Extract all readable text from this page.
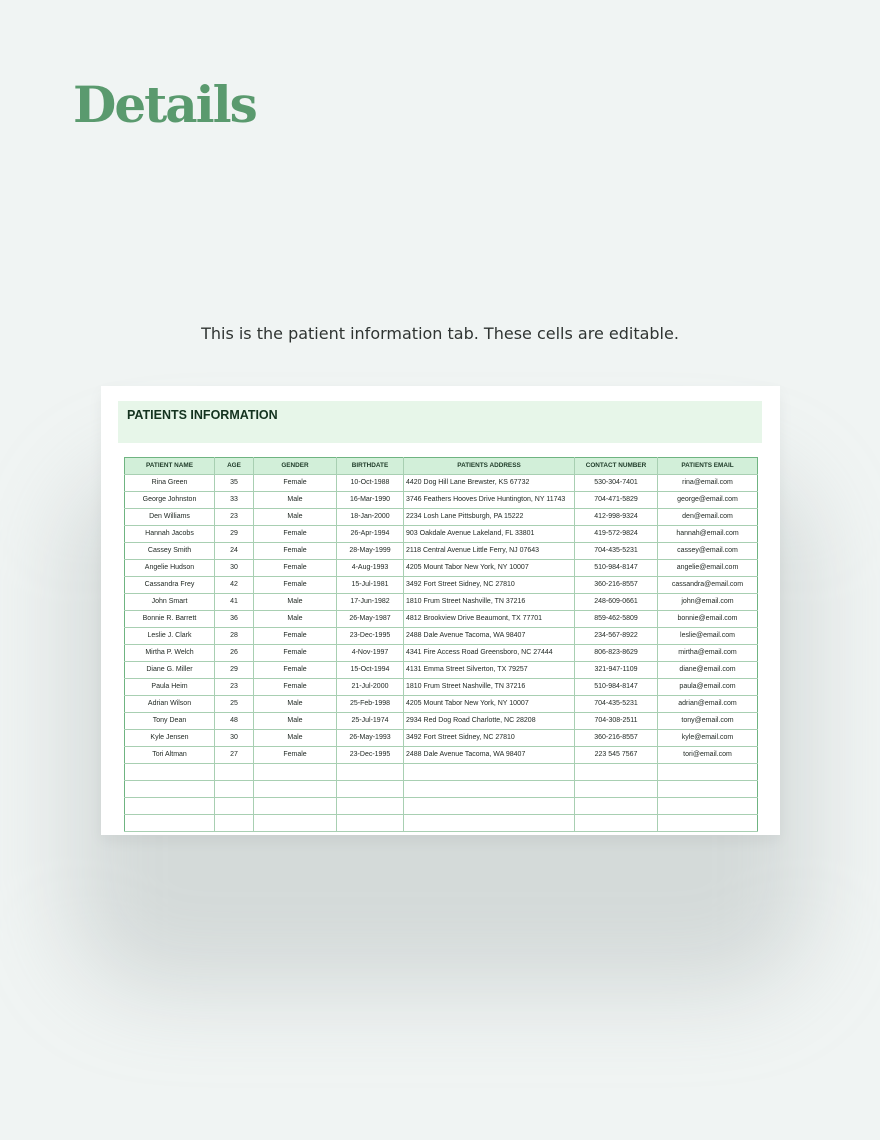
Details

This is the patient information tab. These cells are editable.

PATIENTS INFORMATION
PATIENT NAME	AGE	GENDER	BIRTHDATE	PATIENTS ADDRESS	CONTACT NUMBER	PATIENTS EMAIL
Rina Green	35	Female	10-Oct-1988	4420 Dog Hill Lane Brewster, KS 67732	530-304-7401	rina@email.com
George Johnston	33	Male	16-Mar-1990	3746 Feathers Hooves Drive Huntington, NY 11743	704-471-5829	george@email.com
Den Williams	23	Male	18-Jan-2000	2234 Losh Lane Pittsburgh, PA 15222	412-998-9324	den@email.com
Hannah Jacobs	29	Female	26-Apr-1994	903 Oakdale Avenue Lakeland, FL 33801	419-572-9824	hannah@email.com
Cassey Smith	24	Female	28-May-1999	2118 Central Avenue Little Ferry, NJ 07643	704-435-5231	cassey@email.com
Angelie Hudson	30	Female	4-Aug-1993	4205 Mount Tabor New York, NY 10007	510-984-8147	angelie@email.com
Cassandra Frey	42	Female	15-Jul-1981	3492 Fort Street Sidney, NC 27810	360-216-8557	cassandra@email.com
John Smart	41	Male	17-Jun-1982	1810 Frum Street Nashville, TN 37216	248-609-0661	john@email.com
Bonnie R. Barrett	36	Male	26-May-1987	4812 Brookview Drive Beaumont, TX 77701	859-462-5809	bonnie@email.com
Leslie J. Clark	28	Female	23-Dec-1995	2488 Dale Avenue Tacoma, WA 98407	234-567-8922	leslie@email.com
Mirtha P. Welch	26	Female	4-Nov-1997	4341 Fire Access Road Greensboro, NC 27444	806-823-8629	mirtha@email.com
Diane G. Miller	29	Female	15-Oct-1994	4131 Emma Street Silverton, TX 79257	321-947-1109	diane@email.com
Paula Heim	23	Female	21-Jul-2000	1810 Frum Street Nashville, TN 37216	510-984-8147	paula@email.com
Adrian Wilson	25	Male	25-Feb-1998	4205 Mount Tabor New York, NY 10007	704-435-5231	adrian@email.com
Tony Dean	48	Male	25-Jul-1974	2934 Red Dog Road Charlotte, NC 28208	704-308-2511	tony@email.com
Kyle Jensen	30	Male	26-May-1993	3492 Fort Street Sidney, NC 27810	360-216-8557	kyle@email.com
Tori Altman	27	Female	23-Dec-1995	2488 Dale Avenue Tacoma, WA 98407	223 545 7567	tori@email.com
